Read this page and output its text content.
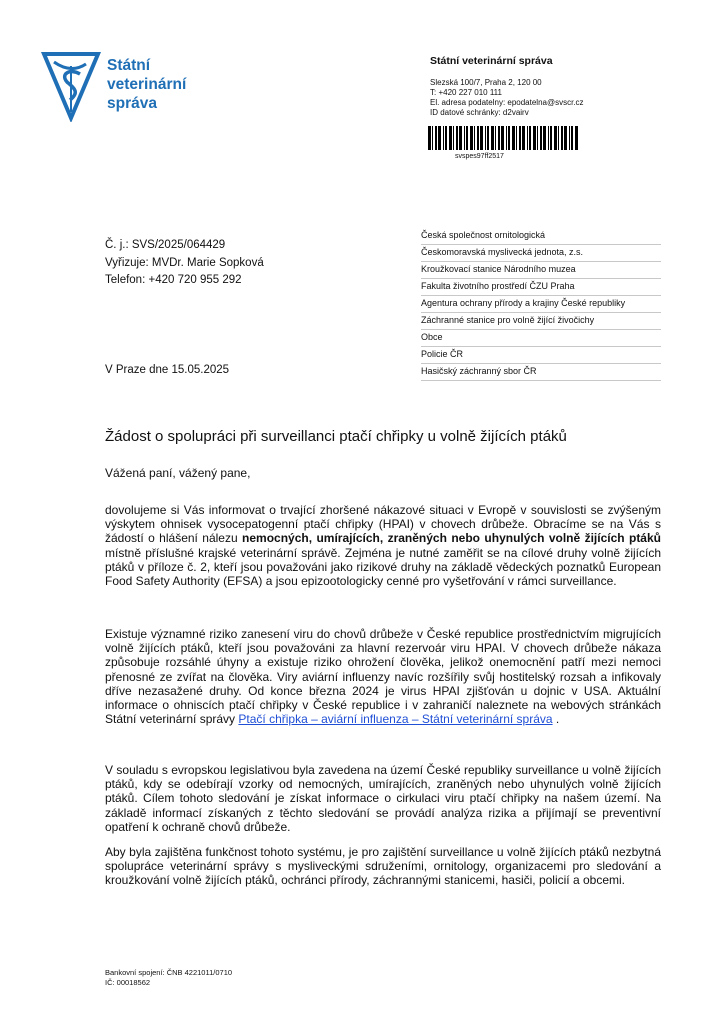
Státní
veterinární
správa
Státní veterinární správa
Slezská 100/7, Praha 2, 120 00
T: +420 227 010 111
El. adresa podatelny: epodatelna@svscr.cz
ID datové schránky: d2vairv
svspes97ff2517
Č. j.: SVS/2025/064429
Vyřizuje: MVDr. Marie Sopková
Telefon: +420 720 955 292
Česká společnost ornitologická
Českomoravská myslivecká jednota, z.s.
Kroužkovací stanice Národního muzea
Fakulta životního prostředí ČZU Praha
Agentura ochrany přírody a krajiny České republiky
Záchranné stanice pro volně žijící živočichy
Obce
Policie ČR
Hasičský záchranný sbor ČR
V Praze dne 15.05.2025
Žádost o spolupráci při surveillanci ptačí chřipky u volně žijících ptáků
Vážená paní, vážený pane,

dovolujeme si Vás informovat o trvající zhoršené nákazové situaci v Evropě v souvislosti se zvýšeným výskytem ohnisek vysocepatogenní ptačí chřipky (HPAI) v chovech drůbeže. Obracíme se na Vás s žádostí o hlášení nálezu nemocných, umírajících, zraněných nebo uhynulých volně žijících ptáků místně příslušné krajské veterinární správě. Zejména je nutné zaměřit se na cílové druhy volně žijících ptáků v příloze č. 2, kteří jsou považováni jako rizikové druhy na základě vědeckých poznatků European Food Safety Authority (EFSA) a jsou epizootologicky cenné pro vyšetřování v rámci surveillance.

Existuje významné riziko zanesení viru do chovů drůbeže v České republice prostřednictvím migrujících volně žijících ptáků, kteří jsou považováni za hlavní rezervoár viru HPAI. V chovech drůbeže nákaza způsobuje rozsáhlé úhyny a existuje riziko ohrožení člověka, jelikož onemocnění patří mezi nemoci přenosné ze zvířat na člověka. Viry aviární influenzy navíc rozšířily svůj hostitelský rozsah a infikovaly dříve nezasažené druhy. Od konce března 2024 je virus HPAI zjišťován u dojnic v USA. Aktuální informace o ohniscích ptačí chřipky v České republice i v zahraničí naleznete na webových stránkách Státní veterinární správy Ptačí chřipka – aviární influenza – Státní veterinární správa .

V souladu s evropskou legislativou byla zavedena na území České republiky surveillance u volně žijících ptáků, kdy se odebírají vzorky od nemocných, umírajících, zraněných nebo uhynulých volně žijících ptáků. Cílem tohoto sledování je získat informace o cirkulaci viru ptačí chřipky na našem území. Na základě informací získaných z těchto sledování se provádí analýza rizika a přijímají se preventivní opatření k ochraně chovů drůbeže.

Aby byla zajištěna funkčnost tohoto systému, je pro zajištění surveillance u volně žijících ptáků nezbytná spolupráce veterinární správy s mysliveckými sdruženími, ornitology, organizacemi pro sledování a kroužkování volně žijících ptáků, ochránci přírody, záchrannými stanicemi, hasiči, policií a obcemi.

Bankovní spojení: ČNB 4221011/0710
IČ: 00018562
